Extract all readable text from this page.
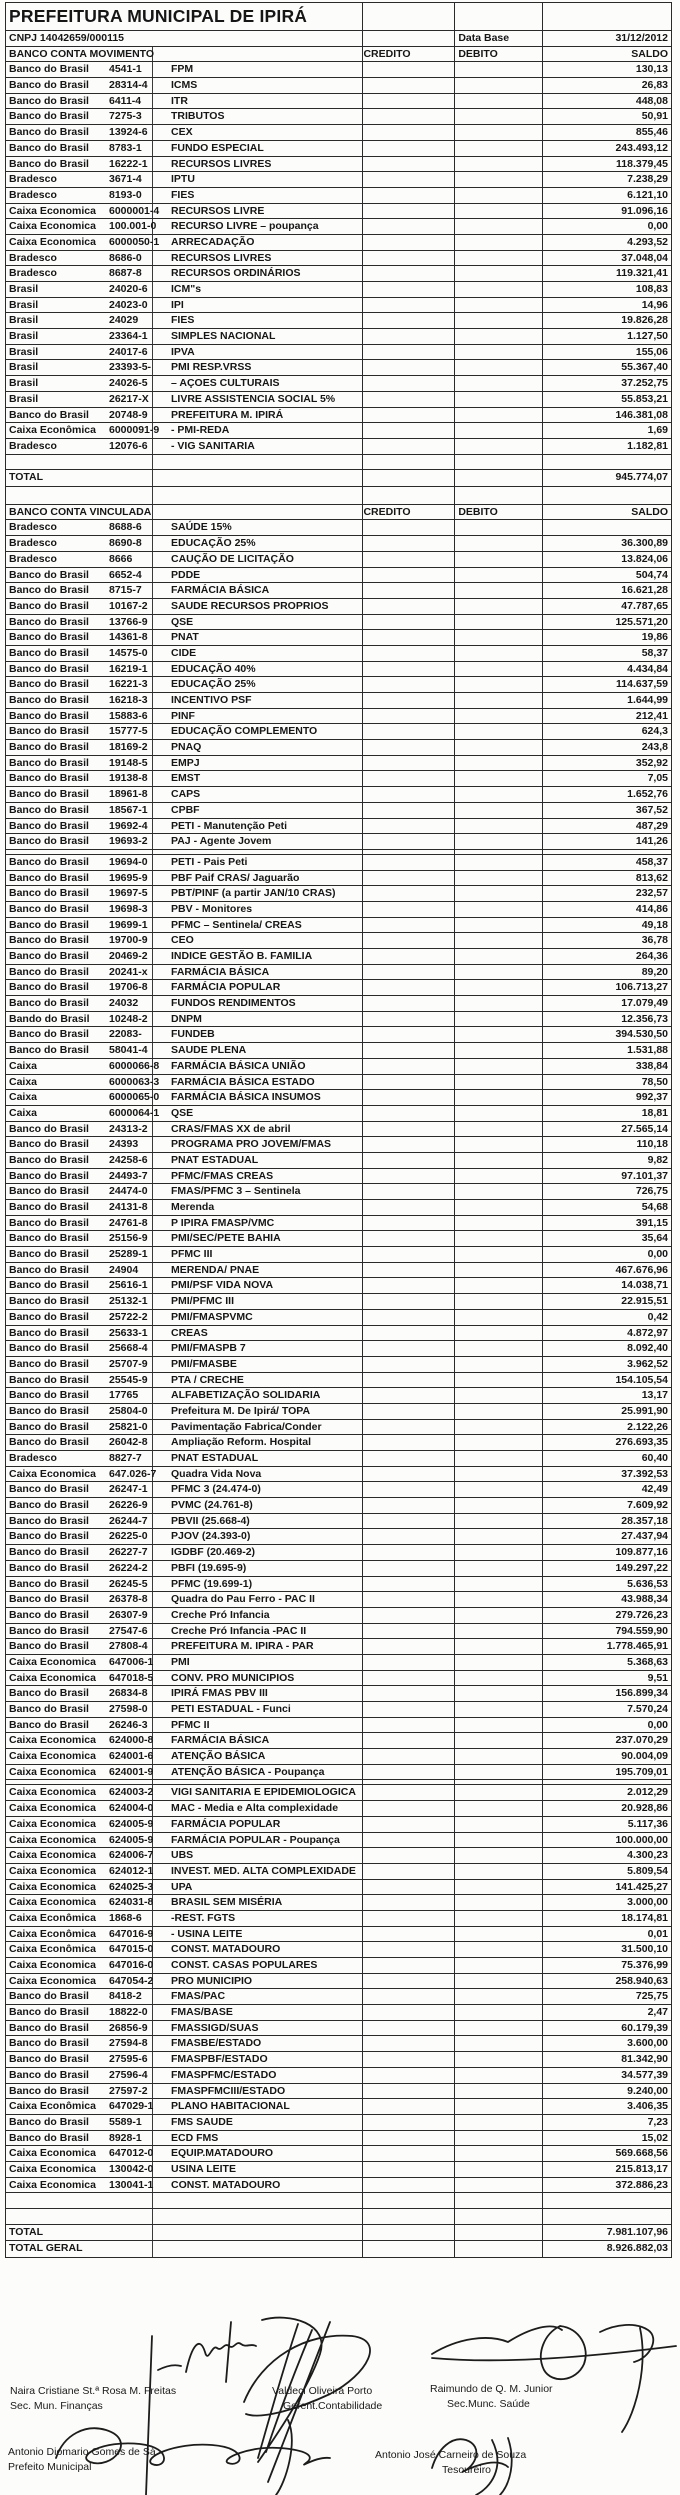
PREFEITURA MUNICIPAL DE IPIRÁ
CNPJ 14042659/000115	Data Base	31/12/2012
BANCO CONTA MOVIMENTO	CREDITO	DEBITO	SALDO
Banco do Brasil 4541-1	FPM	130,13
Banco do Brasil 28314-4 ICMS	26,83
Banco do Brasil 6411-4	ITR	448,08
Banco do Brasil 7275-3	TRIBUTOS	50,91
Banco do Brasil 13924-6 CEX	855,46
Banco do Brasil 8783-1	FUNDO ESPECIAL	243.493,12
Banco do Brasil 16222-1 RECURSOS LIVRES	118.379,45
Bradesco	3671-4	IPTU	7.238,29
Bradesco	8193-0	FIES	6.121,10
Caixa Economica 6000001-4 RECURSOS LIVRE	91.096,16
Caixa Economica 100.001-0 RECURSO LIVRE – poupança	0,00
Caixa Economica 6000050-1 ARRECADAÇÃO	4.293,52
Bradesco	8686-0	RECURSOS LIVRES	37.048,04
Bradesco	8687-8	RECURSOS ORDINÁRIOS	119.321,41
Brasil	24020-6 ICM"s	108,83
Brasil	24023-0 IPI	14,96
Brasil	24029	FIES	19.826,28
Brasil	23364-1 SIMPLES NACIONAL	1.127,50
Brasil	24017-6 IPVA	155,06
Brasil	23393-5- PMI RESP.VRSS	55.367,40
Brasil	24026-5 – AÇOES CULTURAIS	37.252,75
Brasil	26217-X LIVRE ASSISTENCIA SOCIAL 5%	55.853,21
Banco do Brasil 20748-9 PREFEITURA M. IPIRÁ	146.381,08
Caixa Econômica 6000091-9 - PMI-REDA	1,69
Bradesco	12076-6 - VIG SANITARIA	1.182,81
TOTAL	945.774,07
BANCO CONTA VINCULADA	CREDITO	DEBITO	SALDO
Bradesco	8688-6	SAÚDE 15%
Bradesco	8690-8	EDUCAÇÃO 25%	36.300,89
Bradesco	8666	CAUÇÃO DE LICITAÇÃO	13.824,06
Banco do Brasil 6652-4	PDDE	504,74
Banco do Brasil 8715-7	FARMÁCIA BÁSICA	16.621,28
Banco do Brasil 10167-2 SAUDE RECURSOS PROPRIOS	47.787,65
Banco do Brasil 13766-9 QSE	125.571,20
Banco do Brasil 14361-8 PNAT	19,86
Banco do Brasil 14575-0 CIDE	58,37
Banco do Brasil 16219-1 EDUCAÇÃO 40%	4.434,84
Banco do Brasil 16221-3 EDUCAÇÃO 25%	114.637,59
Banco do Brasil 16218-3 INCENTIVO PSF	1.644,99
Banco do Brasil 15883-6 PINF	212,41
Banco do Brasil 15777-5 EDUCAÇÃO COMPLEMENTO	624,3
Banco do Brasil 18169-2 PNAQ	243,8
Banco do Brasil 19148-5 EMPJ	352,92
Banco do Brasil 19138-8 EMST	7,05
Banco do Brasil 18961-8 CAPS	1.652,76
Banco do Brasil 18567-1 CPBF	367,52
Banco do Brasil 19692-4 PETI - Manutenção Peti	487,29
Banco do Brasil 19693-2 PAJ - Agente Jovem	141,26
Banco do Brasil 19694-0 PETI - Pais Peti	458,37
Banco do Brasil 19695-9 PBF Paif CRAS/ Jaguarão	813,62
Banco do Brasil 19697-5 PBT/PINF (a partir JAN/10 CRAS)	232,57
Banco do Brasil 19698-3 PBV - Monitores	414,86
Banco do Brasil 19699-1 PFMC – Sentinela/ CREAS	49,18
Banco do Brasil 19700-9 CEO	36,78
Banco do Brasil 20469-2 INDICE GESTÃO B. FAMILIA	264,36
Banco do Brasil 20241-x FARMÁCIA BÁSICA	89,20
Banco do Brasil 19706-8 FARMÁCIA POPULAR	106.713,27
Banco do Brasil 24032	FUNDOS RENDIMENTOS	17.079,49
Bando do Brasil 10248-2 DNPM	12.356,73
Banco do Brasil 22083-	FUNDEB	394.530,50
Banco do Brasil 58041-4 SAUDE PLENA	1.531,88
Caixa	6000066-8 FARMÁCIA BÁSICA UNIÃO	338,84
Caixa	6000063-3 FARMÁCIA BÁSICA ESTADO	78,50
Caixa	6000065-0 FARMÁCIA BÁSICA INSUMOS	992,37
Caixa	6000064-1 QSE	18,81
Banco do Brasil 24313-2 CRAS/FMAS XX de abril	27.565,14
Banco do Brasil 24393	PROGRAMA PRO JOVEM/FMAS	110,18
Banco do Brasil 24258-6 PNAT ESTADUAL	9,82
Banco do Brasil 24493-7 PFMC/FMAS CREAS	97.101,37
Banco do Brasil 24474-0 FMAS/PFMC 3 – Sentinela	726,75
Banco do Brasil 24131-8 Merenda	54,68
Banco do Brasil 24761-8 P IPIRA FMASP/VMC	391,15
Banco do Brasil 25156-9 PMI/SEC/PETE BAHIA	35,64
Banco do Brasil 25289-1 PFMC III	0,00
Banco do Brasil 24904	MERENDA/ PNAE	467.676,96
Banco do Brasil 25616-1 PMI/PSF VIDA NOVA	14.038,71
Banco do Brasil 25132-1 PMI/PFMC III	22.915,51
Banco do Brasil 25722-2 PMI/FMASPVMC	0,42
Banco do Brasil 25633-1 CREAS	4.872,97
Banco do Brasil 25668-4 PMI/FMASPB 7	8.092,40
Banco do Brasil 25707-9 PMI/FMASBE	3.962,52
Banco do Brasil 25545-9 PTA / CRECHE	154.105,54
Banco do Brasil 17765	ALFABETIZAÇÃO SOLIDARIA	13,17
Banco do Brasil 25804-0 Prefeitura M. De Ipirá/ TOPA	25.991,90
Banco do Brasil 25821-0 Pavimentação Fabrica/Conder	2.122,26
Banco do Brasil 26042-8 Ampliação Reform. Hospital	276.693,35
Bradesco	8827-7	PNAT ESTADUAL	60,40
Caixa Economica 647.026-7 Quadra Vida Nova	37.392,53
Banco do Brasil 26247-1 PFMC 3 (24.474-0)	42,49
Banco do Brasil 26226-9 PVMC (24.761-8)	7.609,92
Banco do Brasil 26244-7 PBVII (25.668-4)	28.357,18
Banco do Brasil 26225-0 PJOV (24.393-0)	27.437,94
Banco do Brasil 26227-7 IGDBF (20.469-2)	109.877,16
Banco do Brasil 26224-2 PBFI (19.695-9)	149.297,22
Banco do Brasil 26245-5 PFMC (19.699-1)	5.636,53
Banco do Brasil 26378-8 Quadra do Pau Ferro - PAC II	43.988,34
Banco do Brasil 26307-9 Creche Pró Infancia	279.726,23
Banco do Brasil 27547-6 Creche Pró Infancia -PAC II	794.559,90
Banco do Brasil 27808-4 PREFEITURA M. IPIRA - PAR	1.778.465,91
Caixa Economica 647006-1 PMI	5.368,63
Caixa Economica 647018-5 CONV. PRO MUNICIPIOS	9,51
Banco do Brasil 26834-8 IPIRÁ FMAS PBV III	156.899,34
Banco do Brasil 27598-0 PETI ESTADUAL - Funci	7.570,24
Banco do Brasil 26246-3 PFMC II	0,00
Caixa Economica 624000-8 FARMÁCIA BÁSICA	237.070,29
Caixa Economica 624001-6 ATENÇÃO BÁSICA	90.004,09
Caixa Economica 624001-9 ATENÇÃO BÁSICA - Poupança	195.709,01
Caixa Economica 624003-2 VIGI SANITARIA E EPIDEMIOLOGICA	2.012,29
Caixa Economica 624004-0 MAC - Media e Alta complexidade	20.928,86
Caixa Economica 624005-9 FARMÁCIA POPULAR	5.117,36
Caixa Economica 624005-9 FARMÁCIA POPULAR - Poupança	100.000,00
Caixa Economica 624006-7 UBS	4.300,23
Caixa Economica 624012-1 INVEST. MED. ALTA COMPLEXIDADE	5.809,54
Caixa Economica 624025-3 UPA	141.425,27
Caixa Economica 624031-8 BRASIL SEM MISÉRIA	3.000,00
Caixa Econômica 1868-6	-REST. FGTS	18.174,81
Caixa Econômica 647016-9 - USINA LEITE	0,01
Caixa Econômica 647015-0 CONST. MATADOURO	31.500,10
Caixa Economica 647016-0 CONST. CASAS POPULARES	75.376,99
Caixa Economica 647054-2 PRO MUNICIPIO	258.940,63
Banco do Brasil 8418-2	FMAS/PAC	725,75
Banco do Brasil 18822-0 FMAS/BASE	2,47
Banco do Brasil 26856-9 FMASSIGD/SUAS	60.179,39
Banco do Brasil 27594-8 FMASBE/ESTADO	3.600,00
Banco do Brasil 27595-6 FMASPBF/ESTADO	81.342,90
Banco do Brasil 27596-4 FMASPFMC/ESTADO	34.577,39
Banco do Brasil 27597-2 FMASPFMCIII/ESTADO	9.240,00
Caixa Econômica 647029-1 PLANO HABITACIONAL	3.406,35
Banco do Brasil 5589-1	FMS SAUDE	7,23
Banco do Brasil 8928-1	ECD FMS	15,02
Caixa Economica 647012-0 EQUIP.MATADOURO	569.668,56
Caixa Economica 130042-0 USINA LEITE	215.813,17
Caixa Economica 130041-1 CONST. MATADOURO	372.886,23
TOTAL	7.981.107,96
TOTAL GERAL	8.926.882,03
Naira Cristiane St.ª Rosa M. Freitas
Sec. Mun. Finanças
Valdeci Oliveira Porto
Gerent.Contabilidade
Raimundo de Q. M. Junior
Sec.Munc. Saúde
Antonio Diomario Gomes de Sá
Prefeito Municipal
Antonio José Carneiro de Souza
Tesoureiro
